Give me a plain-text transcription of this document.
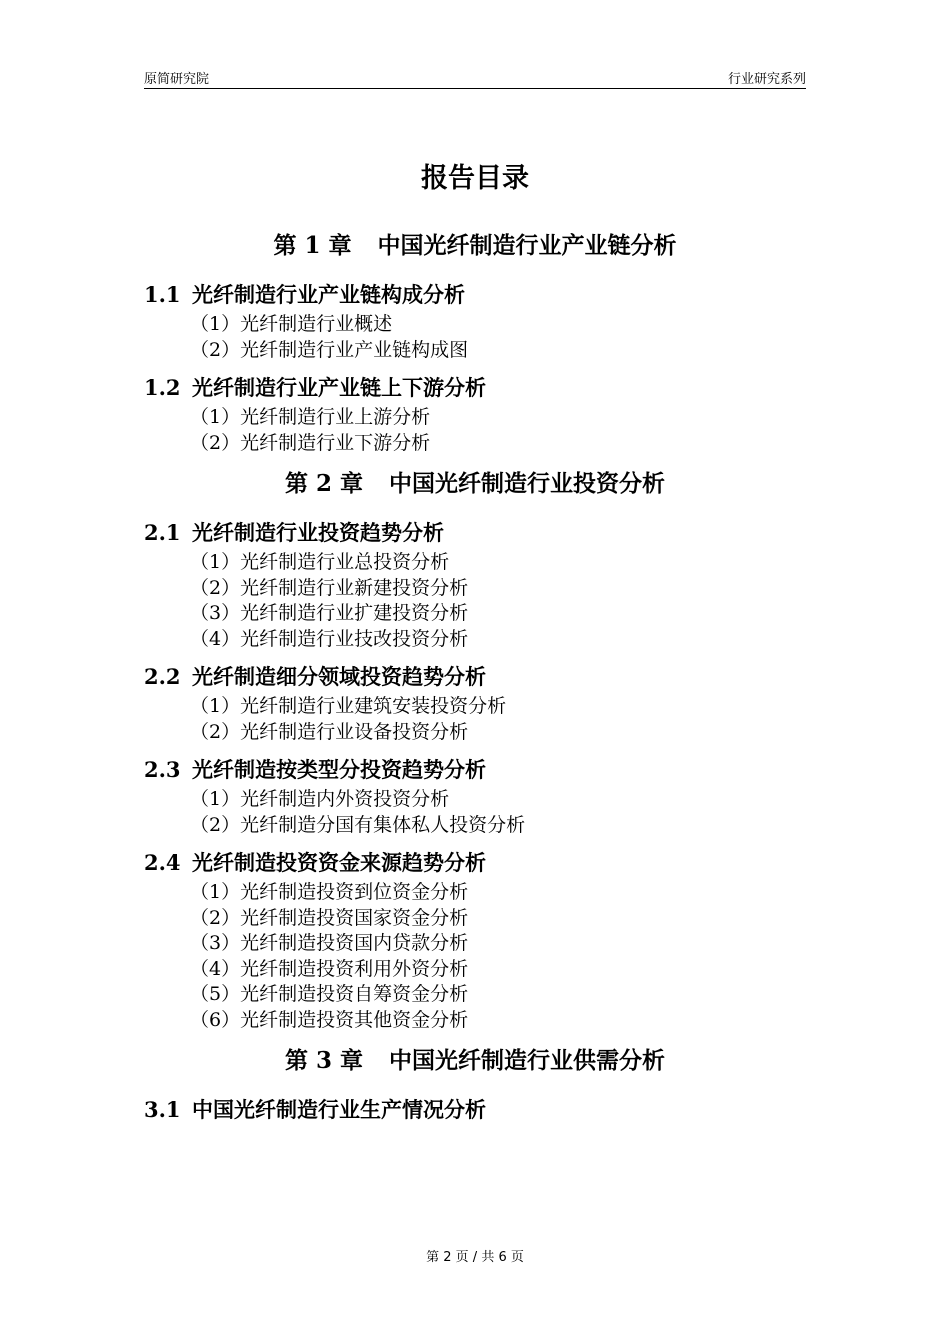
原简研究院	行业研究系列
报告目录
第 1 章 中国光纤制造行业产业链分析
1.1 光纤制造行业产业链构成分析
（1）光纤制造行业概述
（2）光纤制造行业产业链构成图
1.2 光纤制造行业产业链上下游分析
（1）光纤制造行业上游分析
（2）光纤制造行业下游分析
第 2 章 中国光纤制造行业投资分析
2.1 光纤制造行业投资趋势分析
（1）光纤制造行业总投资分析
（2）光纤制造行业新建投资分析
（3）光纤制造行业扩建投资分析
（4）光纤制造行业技改投资分析
2.2 光纤制造细分领域投资趋势分析
（1）光纤制造行业建筑安装投资分析
（2）光纤制造行业设备投资分析
2.3 光纤制造按类型分投资趋势分析
（1）光纤制造内外资投资分析
（2）光纤制造分国有集体私人投资分析
2.4 光纤制造投资资金来源趋势分析
（1）光纤制造投资到位资金分析
（2）光纤制造投资国家资金分析
（3）光纤制造投资国内贷款分析
（4）光纤制造投资利用外资分析
（5）光纤制造投资自筹资金分析
（6）光纤制造投资其他资金分析
第 3 章 中国光纤制造行业供需分析
3.1 中国光纤制造行业生产情况分析
第 2 页 / 共 6 页
